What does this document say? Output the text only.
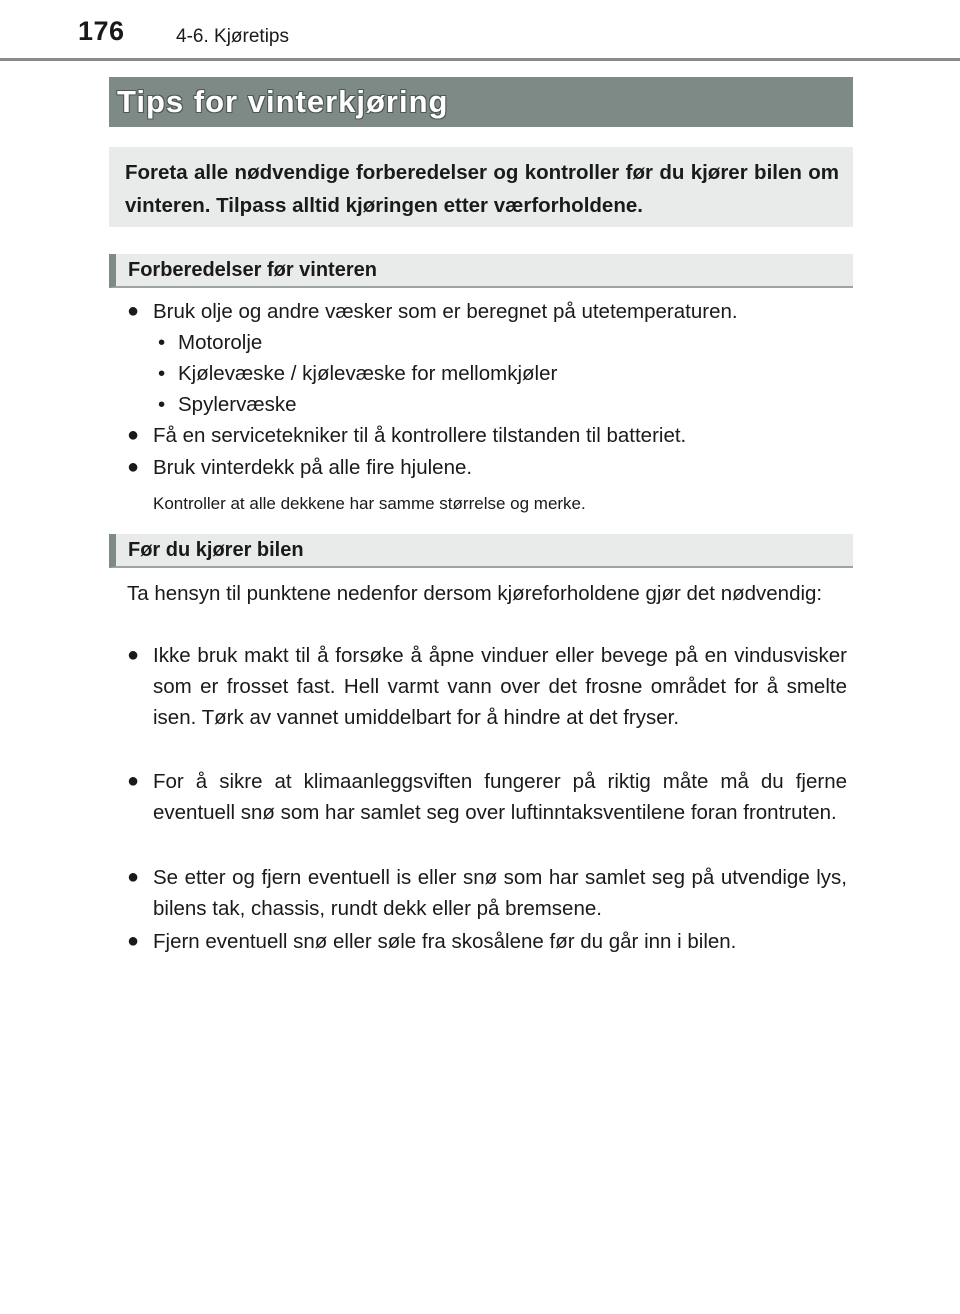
176	4-6. Kjøretips
Tips for vinterkjøring
Foreta alle nødvendige forberedelser og kontroller før du kjører bilen om vinteren. Tilpass alltid kjøringen etter værforholdene.
Forberedelser før vinteren
● Bruk olje og andre væsker som er beregnet på utetemperaturen.
• Motorolje
• Kjølevæske / kjølevæske for mellomkjøler
• Spylervæske
● Få en servicetekniker til å kontrollere tilstanden til batteriet.
● Bruk vinterdekk på alle fire hjulene.
Kontroller at alle dekkene har samme størrelse og merke.
Før du kjører bilen
Ta hensyn til punktene nedenfor dersom kjøreforholdene gjør det nødvendig:
● Ikke bruk makt til å forsøke å åpne vinduer eller bevege på en vindusvisker som er frosset fast. Hell varmt vann over det frosne området for å smelte isen. Tørk av vannet umiddelbart for å hindre at det fryser.
● For å sikre at klimaanleggsviften fungerer på riktig måte må du fjerne eventuell snø som har samlet seg over luftinntaksventilene foran frontruten.
● Se etter og fjern eventuell is eller snø som har samlet seg på utvendige lys, bilens tak, chassis, rundt dekk eller på bremsene.
● Fjern eventuell snø eller søle fra skosålene før du går inn i bilen.
